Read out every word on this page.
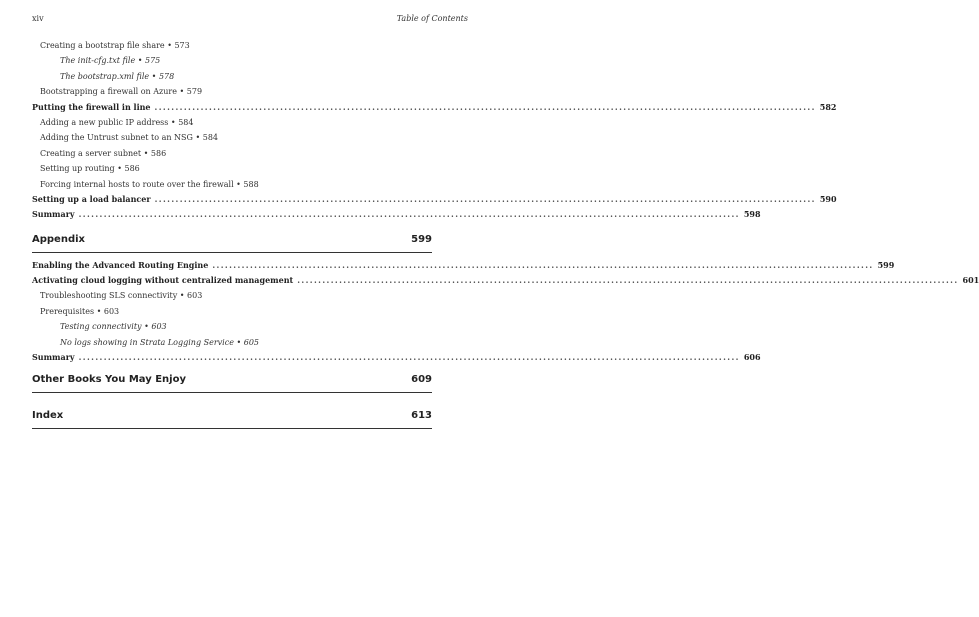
xiv	Table of Contents
Creating a bootstrap file share • 573
The init-cfg.txt file • 575
The bootstrap.xml file • 578
Bootstrapping a firewall on Azure • 579
Putting the firewall in line .............................................................................................................................................................. 582
Adding a new public IP address • 584
Adding the Untrust subnet to an NSG • 584
Creating a server subnet • 586
Setting up routing • 586
Forcing internal hosts to route over the firewall • 588
Setting up a load balancer .............................................................................................................................................................. 590
Summary .............................................................................................................................................................. 598
Appendix	599
Enabling the Advanced Routing Engine .............................................................................................................................................................. 599
Activating cloud logging without centralized management .............................................................................................................................................................. 601
Troubleshooting SLS connectivity • 603
Prerequisites • 603
Testing connectivity • 603
No logs showing in Strata Logging Service • 605
Summary .............................................................................................................................................................. 606
Other Books You May Enjoy	609
Index	613
